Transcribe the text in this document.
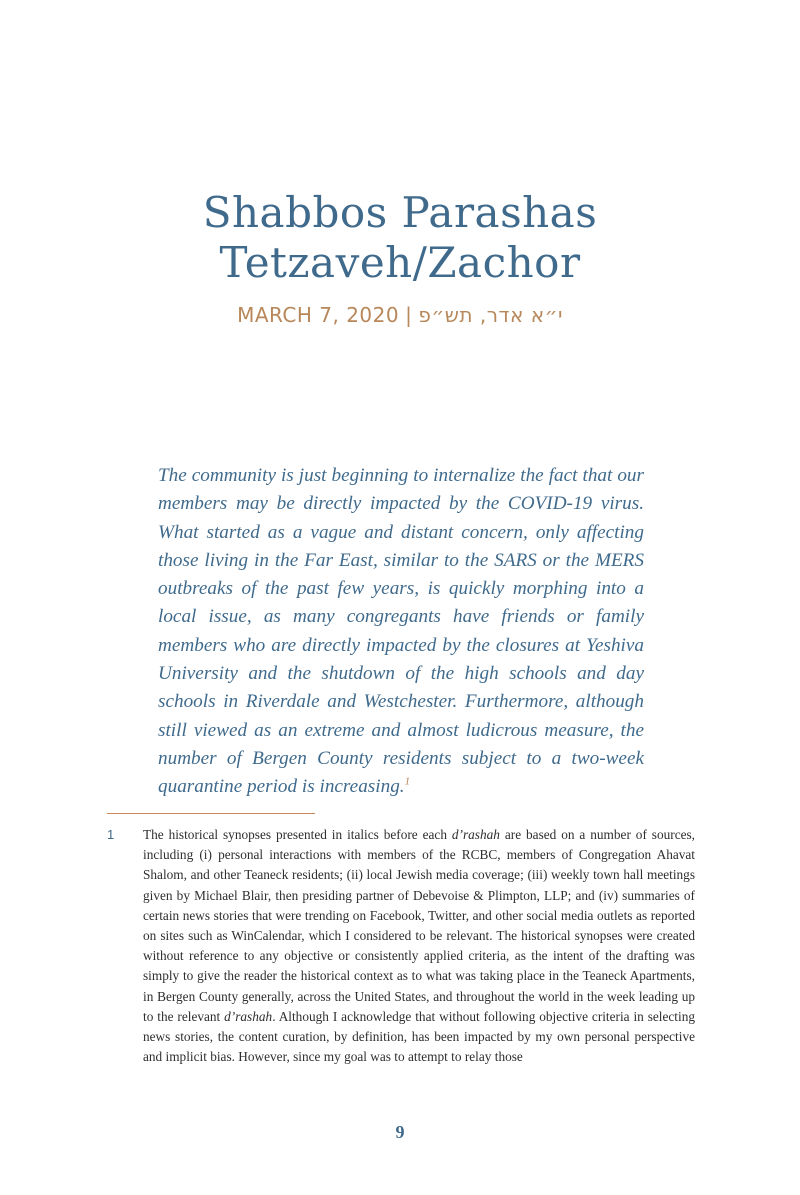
Shabbos Parashas
Tetzaveh/Zachor
MARCH 7, 2020 | י״א אדר, תש״פ

The community is just beginning to internalize the fact that our members may be directly impacted by the COVID-19 virus. What started as a vague and distant concern, only affecting those living in the Far East, similar to the SARS or the MERS outbreaks of the past few years, is quickly morphing into a local issue, as many congregants have friends or family members who are directly impacted by the closures at Yeshiva University and the shutdown of the high schools and day schools in Riverdale and Westchester. Furthermore, although still viewed as an extreme and almost ludicrous measure, the number of Bergen County residents subject to a two-week quarantine period is increasing.$^1$

1 The historical synopses presented in italics before each d’rashah are based on a number of sources, including (i) personal interactions with members of the RCBC, members of Congregation Ahavat Shalom, and other Teaneck residents; (ii) local Jewish media coverage; (iii) weekly town hall meetings given by Michael Blair, then presiding partner of Debevoise & Plimpton, LLP; and (iv) summaries of certain news stories that were trending on Facebook, Twitter, and other social media outlets as reported on sites such as WinCalendar, which I considered to be relevant. The historical synopses were created without reference to any objective or consistently applied criteria, as the intent of the drafting was simply to give the reader the historical context as to what was taking place in the Teaneck Apartments, in Bergen County generally, across the United States, and throughout the world in the week leading up to the relevant d’rashah. Although I acknowledge that without following objective criteria in selecting news stories, the content curation, by definition, has been impacted by my own personal perspective and implicit bias. However, since my goal was to attempt to relay those

9
